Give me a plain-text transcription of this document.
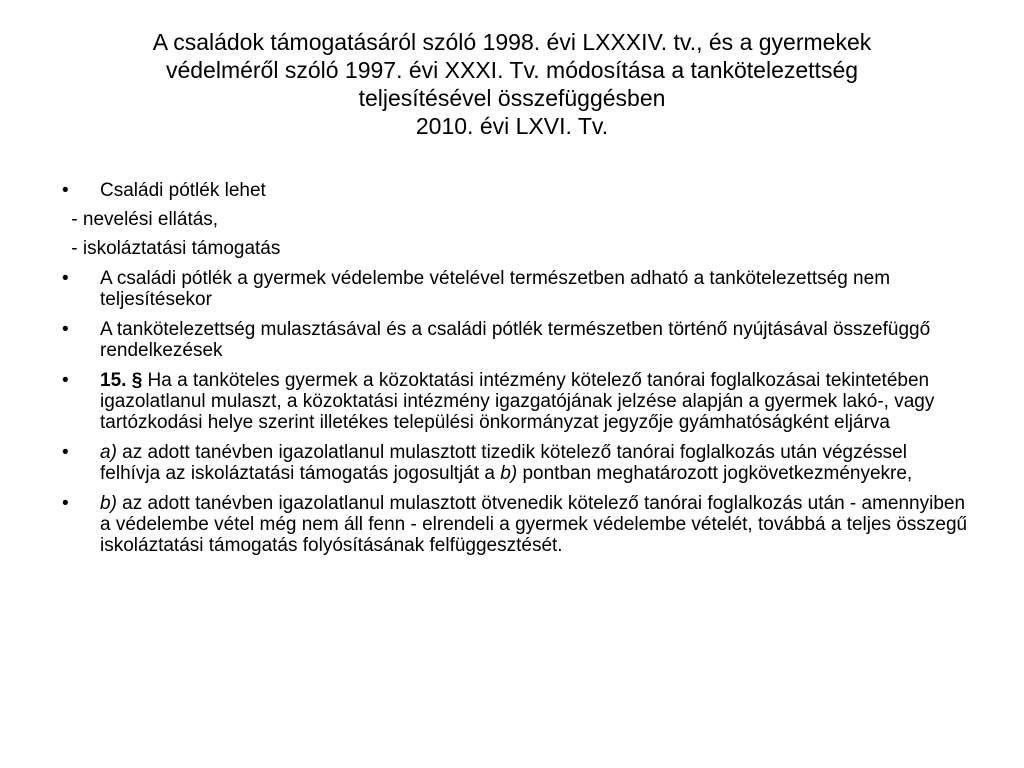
A családok támogatásáról szóló 1998. évi LXXXIV. tv., és a gyermekek
védelméről szóló 1997. évi XXXI. Tv. módosítása a tankötelezettség
teljesítésével összefüggésben
2010. évi LXVI. Tv.
•	Családi pótlék lehet
- nevelési ellátás,
- iskoláztatási támogatás
•	A családi pótlék a gyermek védelembe vételével természetben adható a tankötelezettség nem teljesítésekor
•	A tankötelezettség mulasztásával és a családi pótlék természetben történő nyújtásával összefüggő rendelkezések
•	15. § Ha a tanköteles gyermek a közoktatási intézmény kötelező tanórai foglalkozásai tekintetében igazolatlanul mulaszt, a közoktatási intézmény igazgatójának jelzése alapján a gyermek lakó-, vagy tartózkodási helye szerint illetékes települési önkormányzat jegyzője gyámhatóságként eljárva
•	a) az adott tanévben igazolatlanul mulasztott tizedik kötelező tanórai foglalkozás után végzéssel felhívja az iskoláztatási támogatás jogosultját a b) pontban meghatározott jogkövetkezményekre,
•	b) az adott tanévben igazolatlanul mulasztott ötvenedik kötelező tanórai foglalkozás után - amennyiben a védelembe vétel még nem áll fenn - elrendeli a gyermek védelembe vételét, továbbá a teljes összegű iskoláztatási támogatás folyósításának felfüggesztését.
